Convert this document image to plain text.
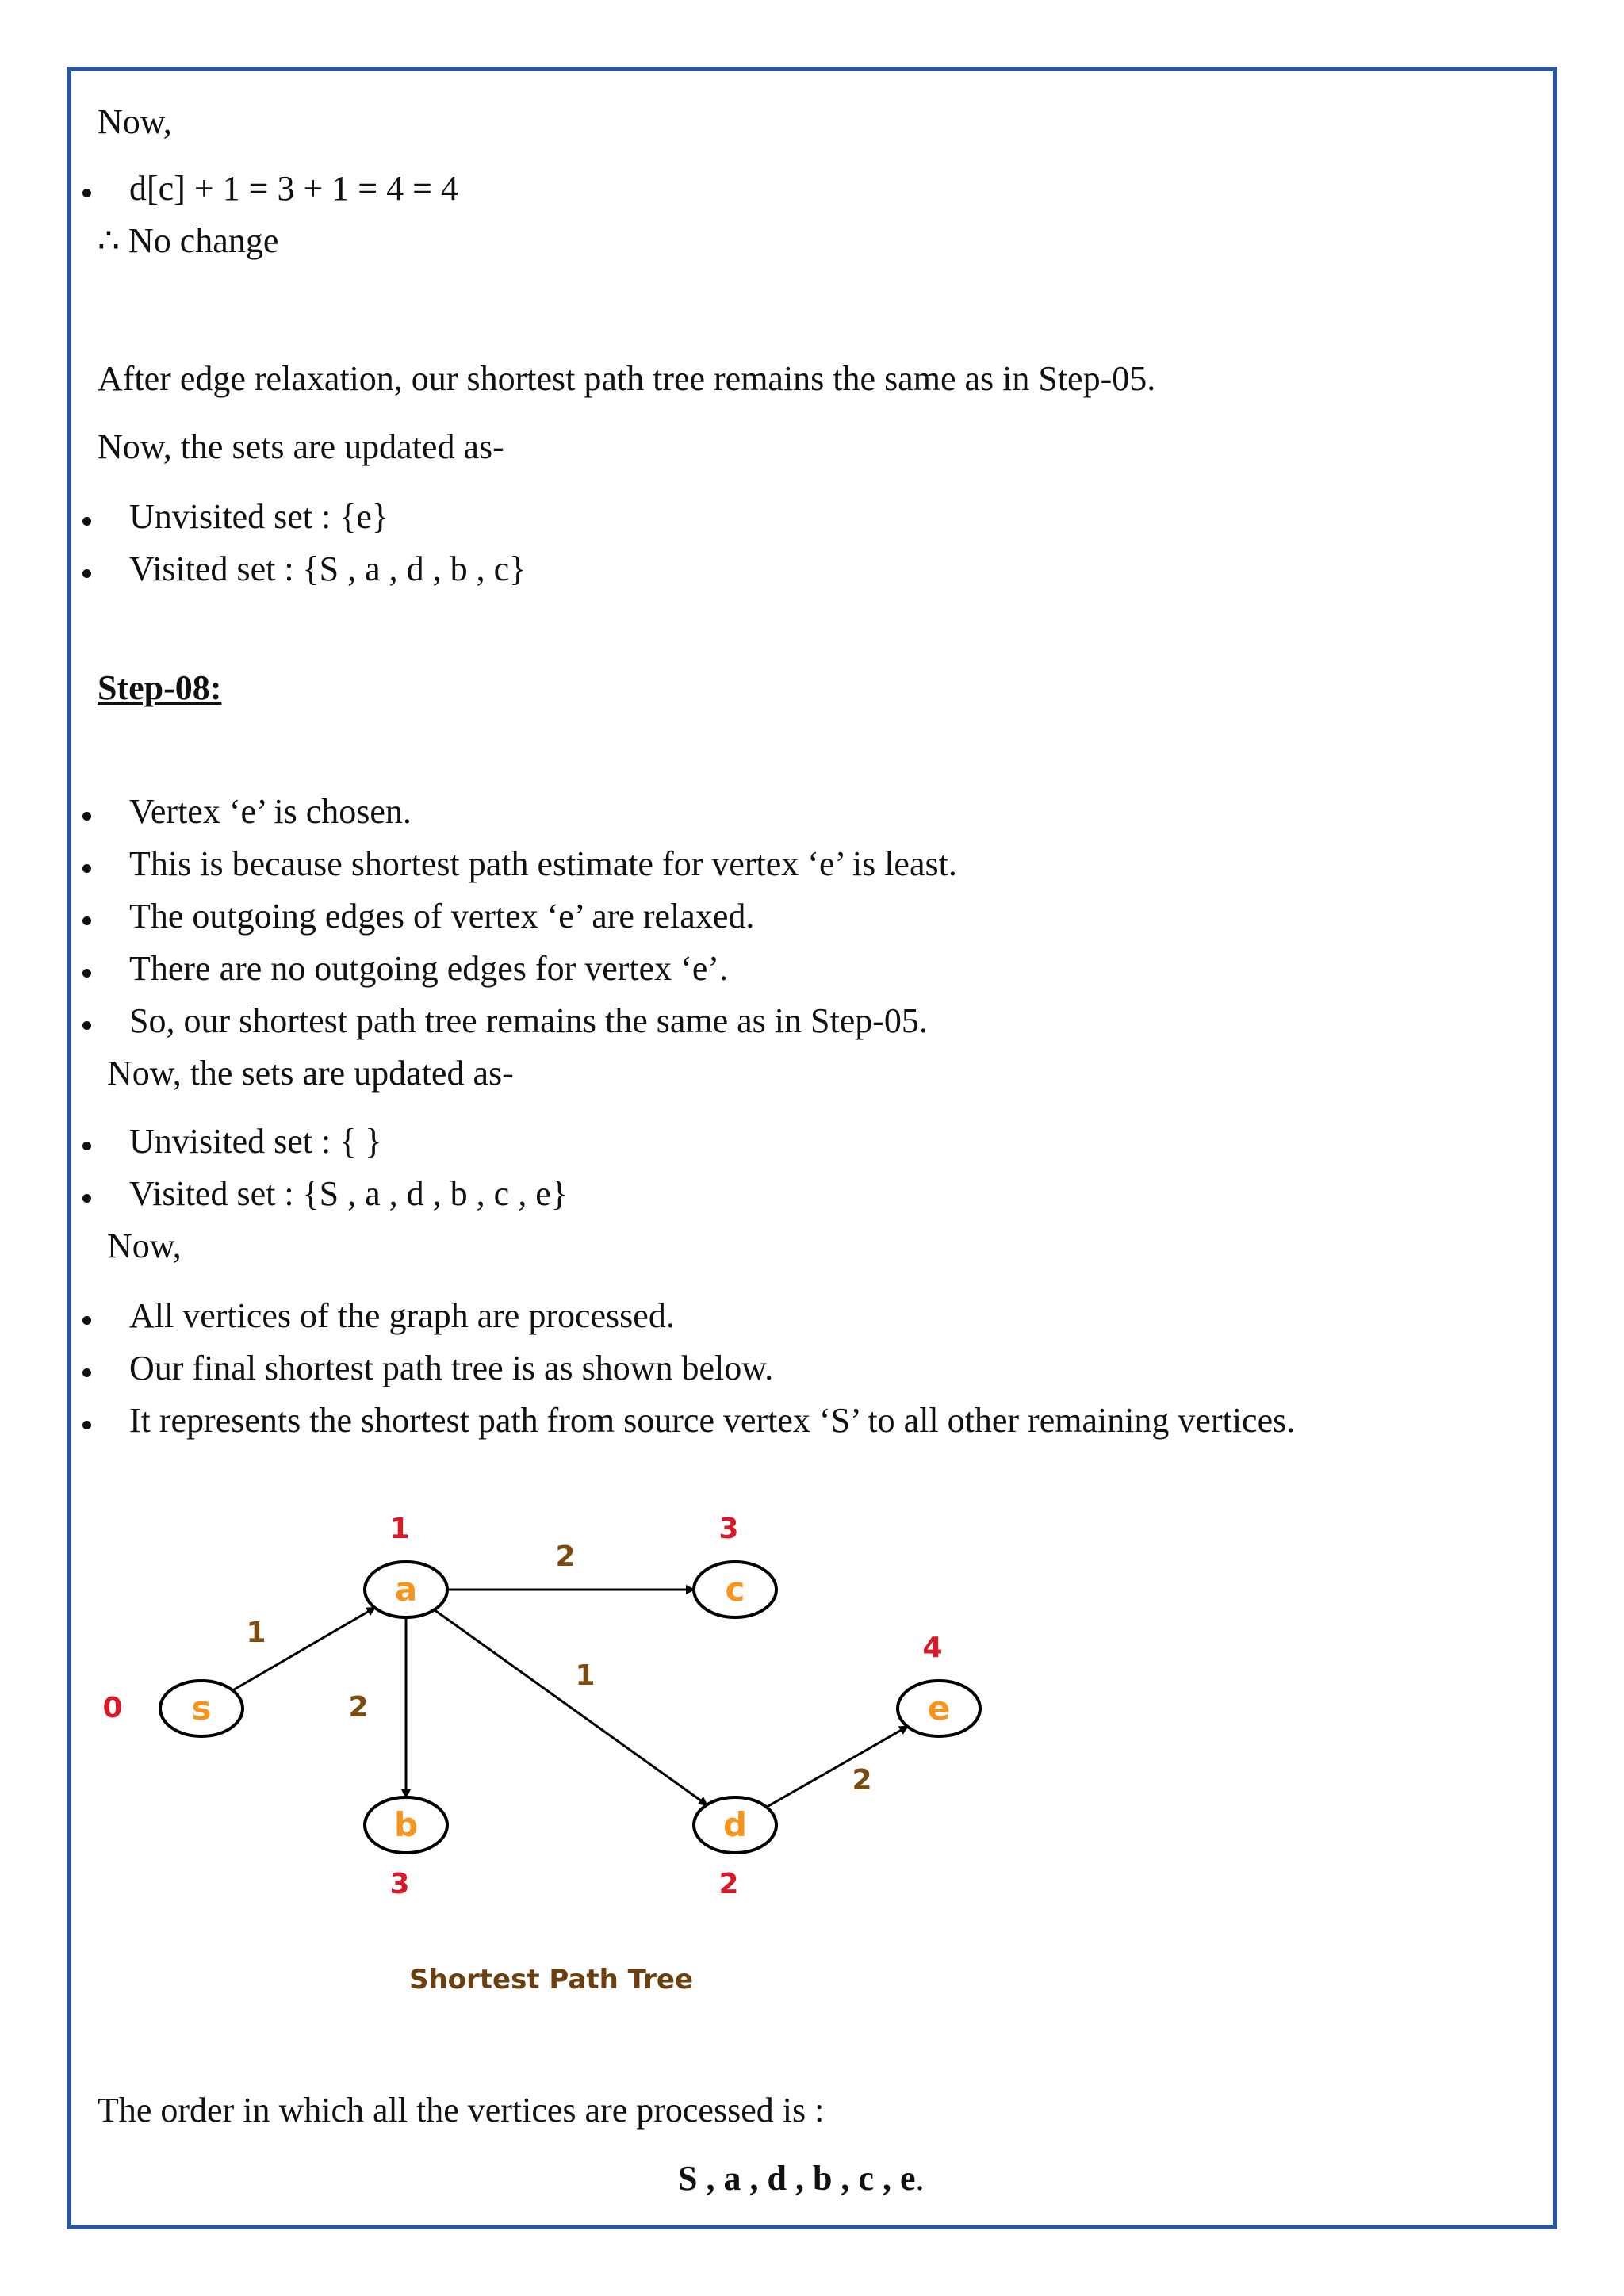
Now,
d[c] + 1 = 3 + 1 = 4 = 4
∴ No change
After edge relaxation, our shortest path tree remains the same as in Step-05.
Now, the sets are updated as-
Unvisited set : {e}
Visited set : {S , a , d , b , c}
Step-08:
Vertex ‘e’ is chosen.
This is because shortest path estimate for vertex ‘e’ is least.
The outgoing edges of vertex ‘e’ are relaxed.
There are no outgoing edges for vertex ‘e’.
So, our shortest path tree remains the same as in Step-05.
Now, the sets are updated as-
Unvisited set : { }
Visited set : {S , a , d , b , c , e}
Now,
All vertices of the graph are processed.
Our final shortest path tree is as shown below.
It represents the shortest path from source vertex ‘S’ to all other remaining vertices.
s
a
b
c
d
e
1
2
2
1
2
0
1
3
3
2
4
Shortest Path Tree
The order in which all the vertices are processed is :
S , a , d , b , c , e.
